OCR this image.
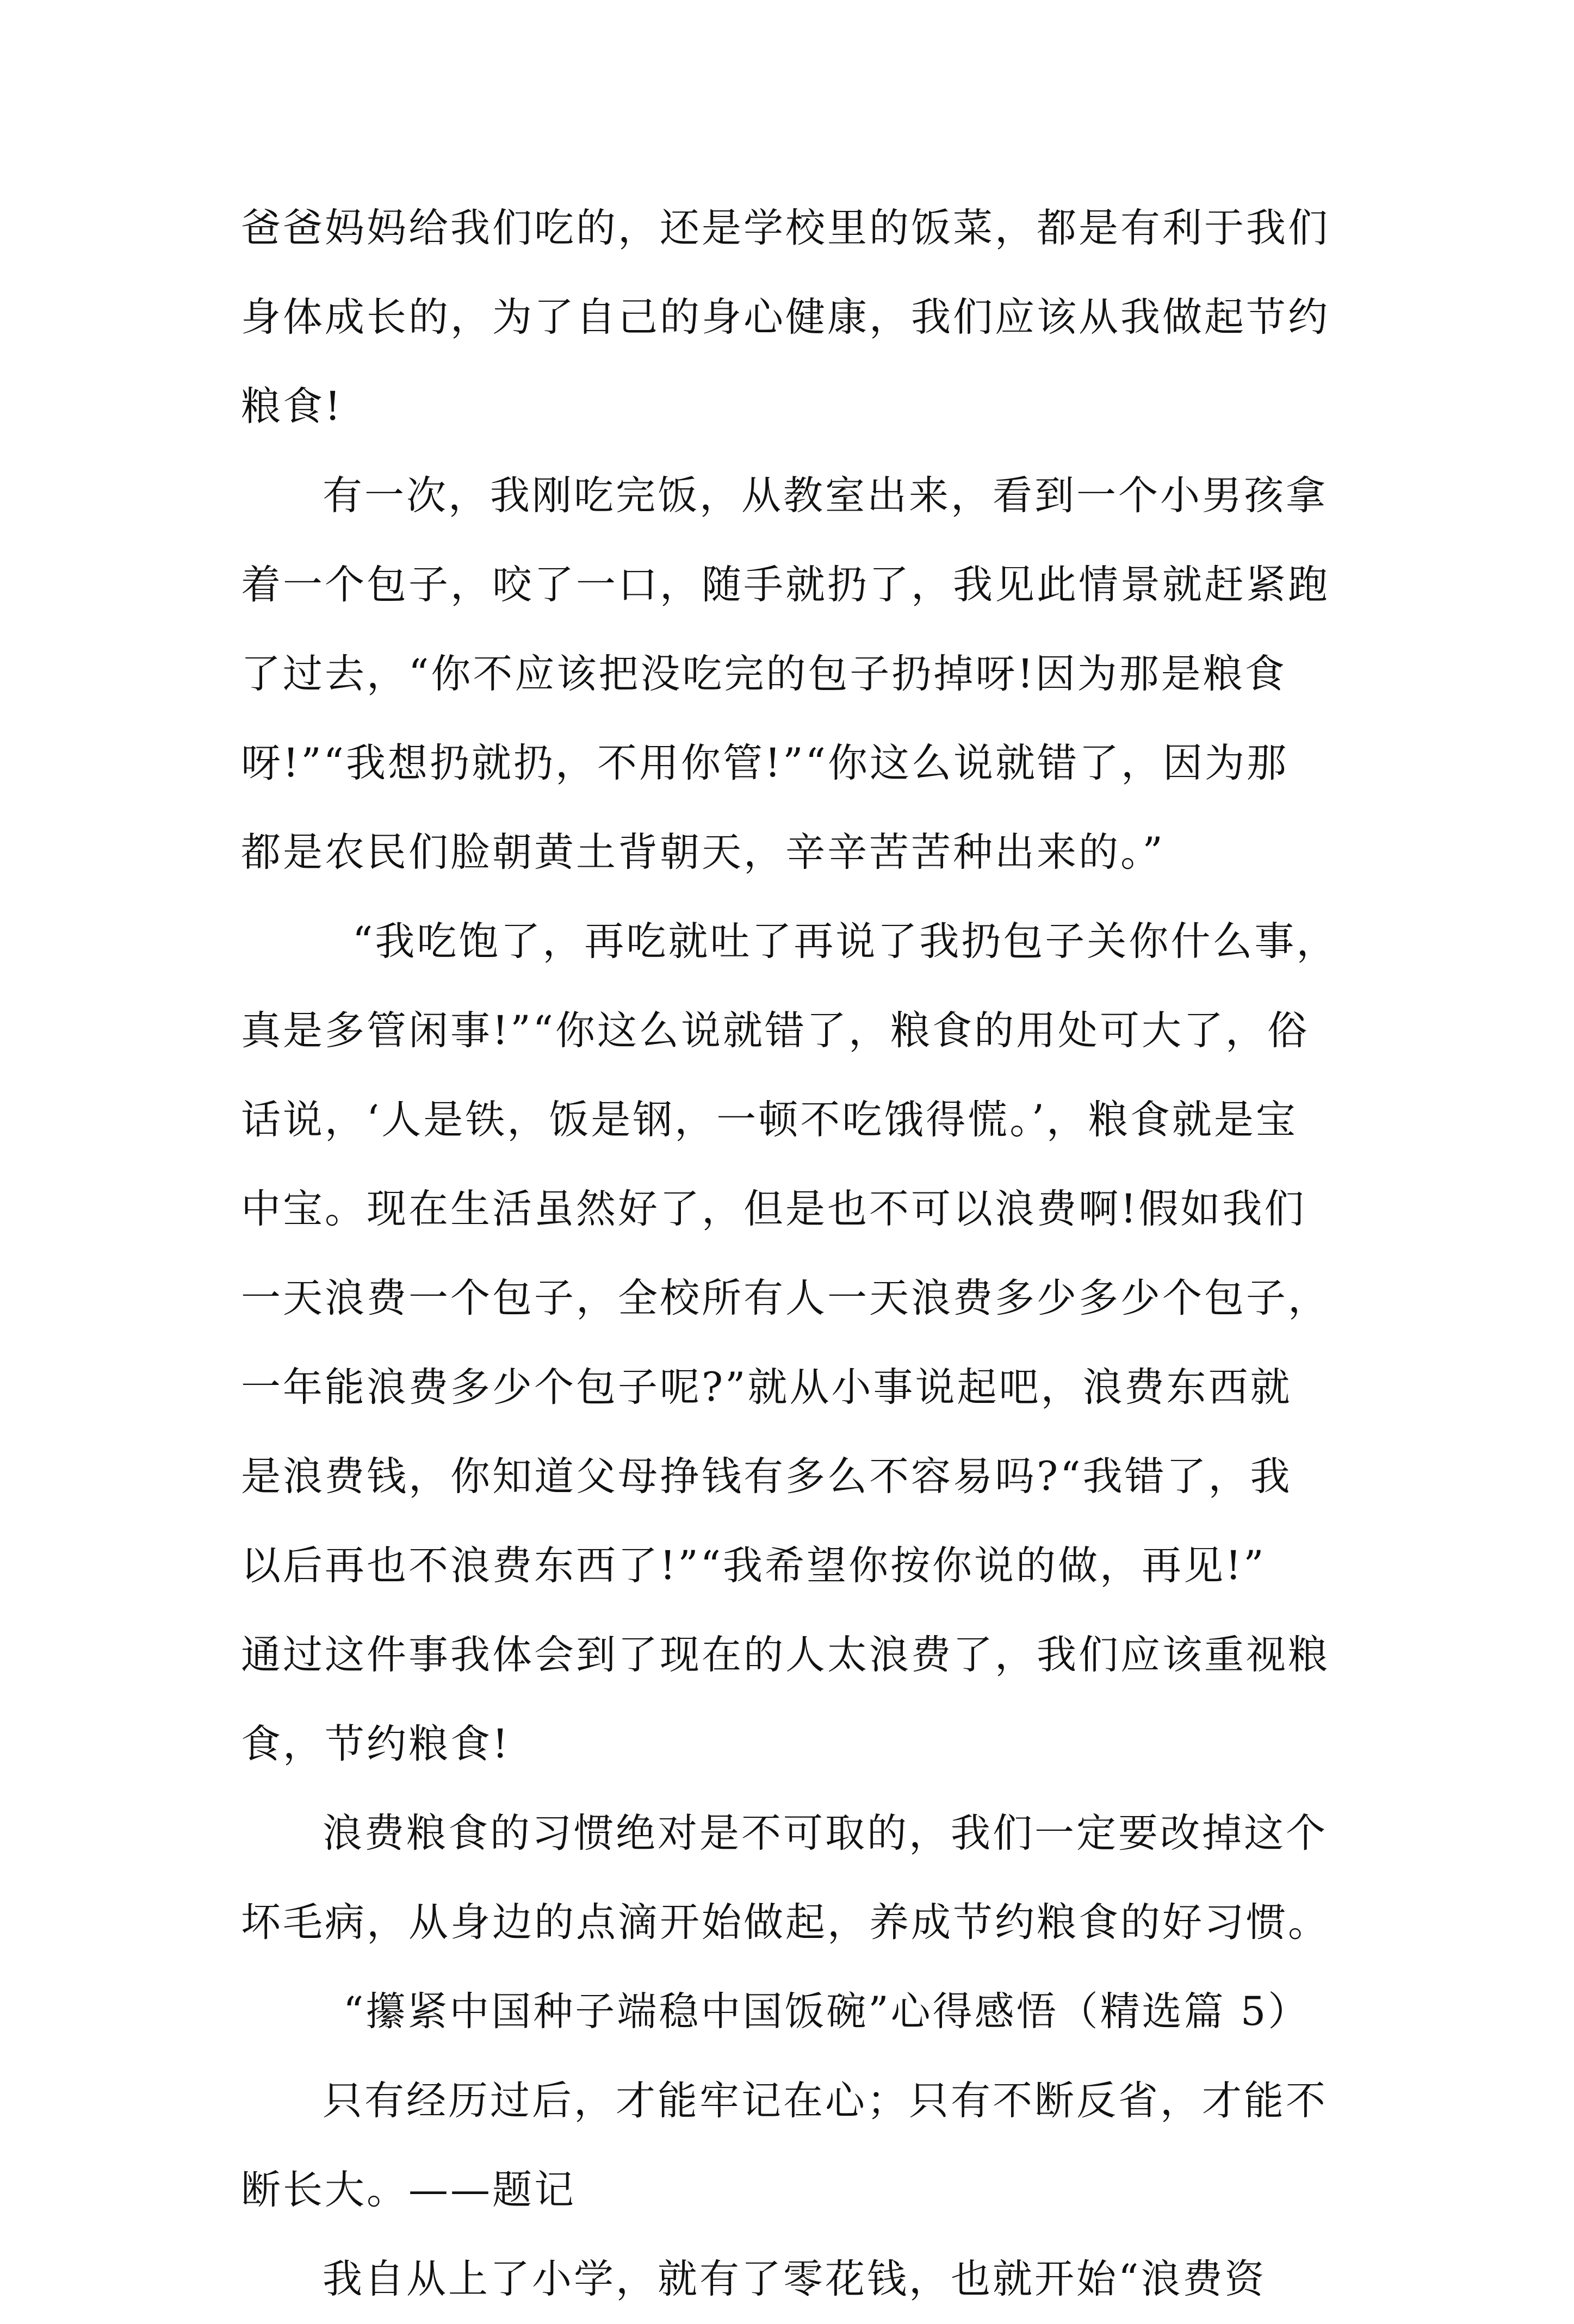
爸爸妈妈给我们吃的，还是学校里的饭菜，都是有利于我们
身体成长的，为了自己的身心健康，我们应该从我做起节约
粮食!
有一次，我刚吃完饭，从教室出来，看到一个小男孩拿
着一个包子，咬了一口，随手就扔了，我见此情景就赶紧跑
了过去，“你不应该把没吃完的包子扔掉呀!因为那是粮食
呀!”“我想扔就扔，不用你管!”“你这么说就错了，因为那
都是农民们脸朝黄土背朝天，辛辛苦苦种出来的。”
“我吃饱了，再吃就吐了再说了我扔包子关你什么事，
真是多管闲事!”“你这么说就错了，粮食的用处可大了，俗
话说，‘人是铁，饭是钢，一顿不吃饿得慌。’，粮食就是宝
中宝。现在生活虽然好了，但是也不可以浪费啊!假如我们
一天浪费一个包子，全校所有人一天浪费多少多少个包子，
一年能浪费多少个包子呢?”就从小事说起吧，浪费东西就
是浪费钱，你知道父母挣钱有多么不容易吗?“我错了，我
以后再也不浪费东西了!”“我希望你按你说的做，再见!”
通过这件事我体会到了现在的人太浪费了，我们应该重视粮
食，节约粮食!
浪费粮食的习惯绝对是不可取的，我们一定要改掉这个
坏毛病，从身边的点滴开始做起，养成节约粮食的好习惯。
“攥紧中国种子端稳中国饭碗”心得感悟（精选篇 5）
只有经历过后，才能牢记在心；只有不断反省，才能不
断长大。——题记
我自从上了小学，就有了零花钱，也就开始“浪费资
